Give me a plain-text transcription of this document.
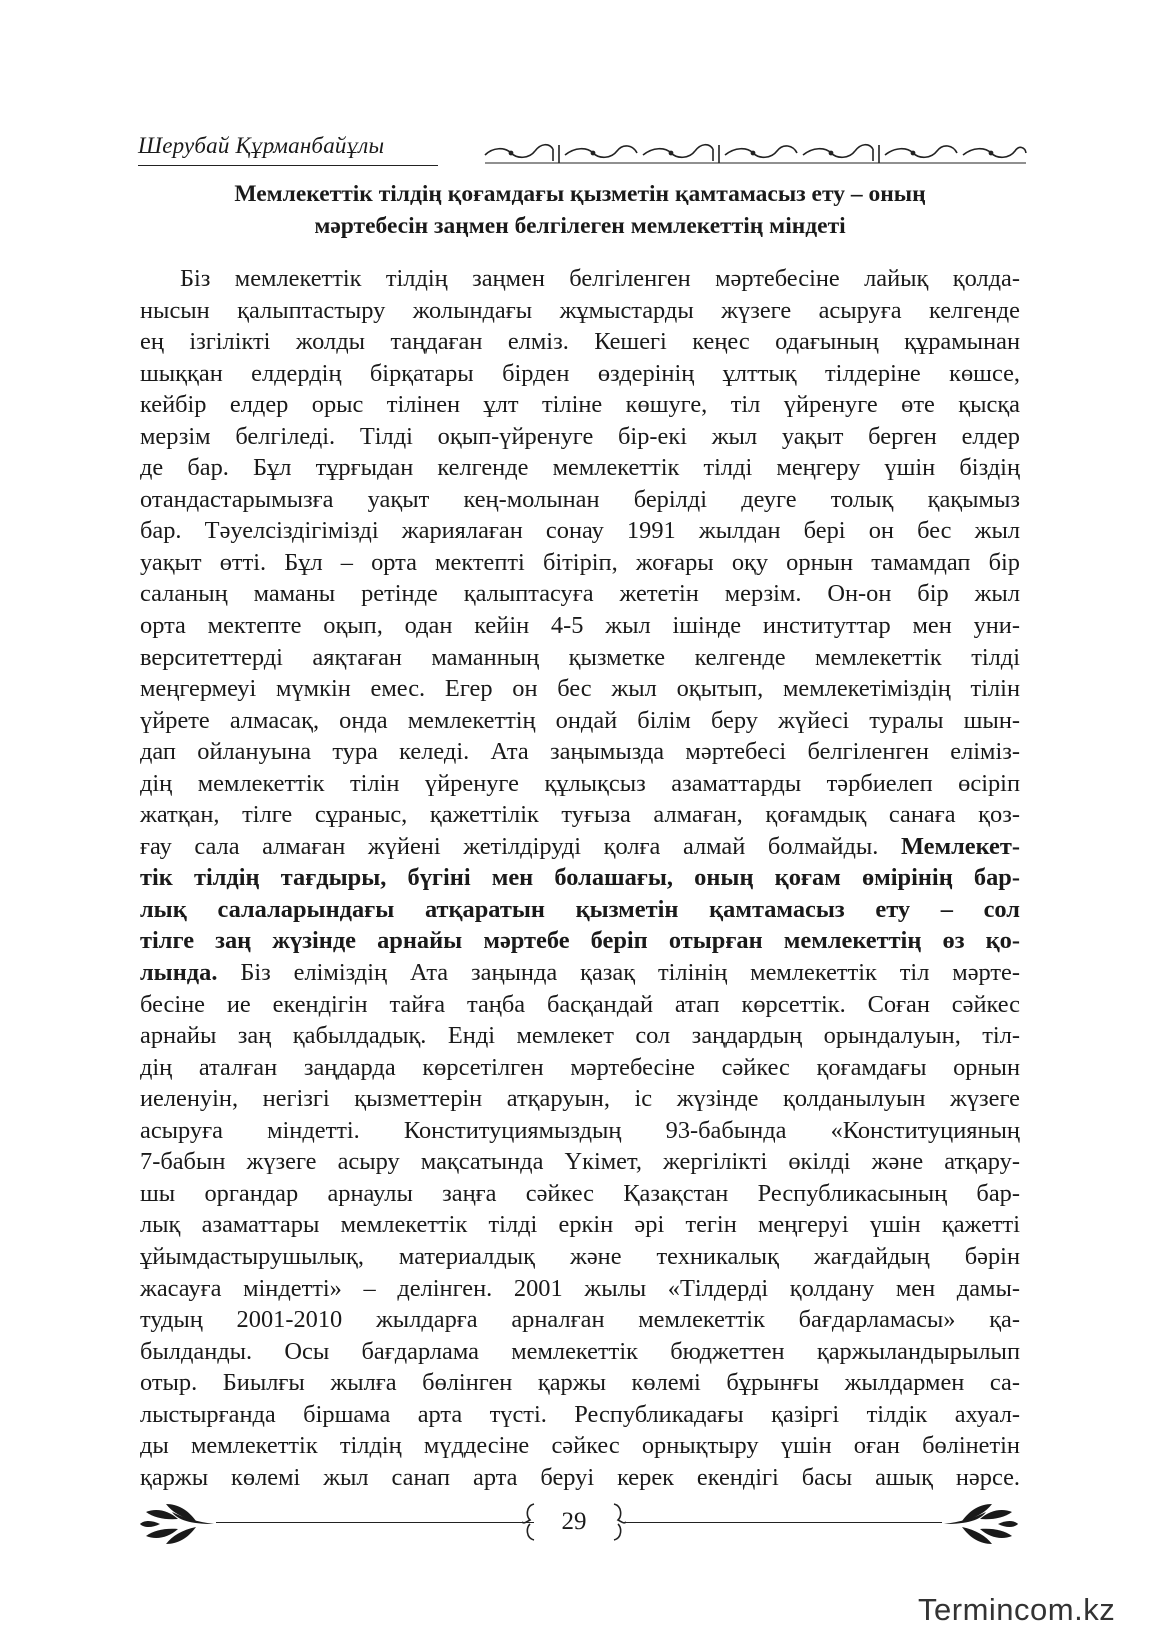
Шерубай Құрманбайұлы
Мемлекеттік тілдің қоғамдағы қызметін қамтамасыз ету – оның
мәртебесін заңмен белгілеген мемлекеттің міндеті
Біз мемлекеттік тілдің заңмен белгіленген мәртебесіне лайық қолда-
нысын қалыптастыру жолындағы жұмыстарды жүзеге асыруға келгенде
ең ізгілікті жолды таңдаған елміз. Кешегі кеңес одағының құрамынан
шыққан елдердің бірқатары бірден өздерінің ұлттық тілдеріне көшсе,
кейбір елдер орыс тілінен ұлт тіліне көшуге, тіл үйренуге өте қысқа
мерзім белгіледі. Тілді оқып-үйренуге бір-екі жыл уақыт берген елдер
де бар. Бұл тұрғыдан келгенде мемлекеттік тілді меңгеру үшін біздің
отандастарымызға уақыт кең-молынан берілді деуге толық қақымыз
бар. Тәуелсіздігімізді жариялаған сонау 1991 жылдан бері он бес жыл
уақыт өтті. Бұл – орта мектепті бітіріп, жоғары оқу орнын тамамдап бір
саланың маманы ретінде қалыптасуға жететін мерзім. Он-он бір жыл
орта мектепте оқып, одан кейін 4-5 жыл ішінде институттар мен уни-
верситеттерді аяқтаған маманның қызметке келгенде мемлекеттік тілді
меңгермеуі мүмкін емес. Егер он бес жыл оқытып, мемлекетіміздің тілін
үйрете алмасақ, онда мемлекеттің ондай білім беру жүйесі туралы шын-
дап ойлануына тура келеді. Ата заңымызда мәртебесі белгіленген еліміз-
дің мемлекеттік тілін үйренуге құлықсыз азаматтарды тәрбиелеп өсіріп
жатқан, тілге сұраныс, қажеттілік туғыза алмаған, қоғамдық санаға қоз-
ғау сала алмаған жүйені жетілдіруді қолға алмай болмайды. Мемлекет-
тік тілдің тағдыры, бүгіні мен болашағы, оның қоғам өмірінің бар-
лық салаларындағы атқаратын қызметін қамтамасыз ету – сол
тілге заң жүзінде арнайы мәртебе беріп отырған мемлекеттің өз қо-
лында. Біз еліміздің Ата заңында қазақ тілінің мемлекеттік тіл мәрте-
бесіне ие екендігін тайға таңба басқандай атап көрсеттік. Соған сәйкес
арнайы заң қабылдадық. Енді мемлекет сол заңдардың орындалуын, тіл-
дің аталған заңдарда көрсетілген мәртебесіне сәйкес қоғамдағы орнын
иеленуін, негізгі қызметтерін атқаруын, іс жүзінде қолданылуын жүзеге
асыруға міндетті. Конституциямыздың 93-бабында «Конституцияның
7-бабын жүзеге асыру мақсатында Үкімет, жергілікті өкілді және атқару-
шы органдар арнаулы заңға сәйкес Қазақстан Республикасының бар-
лық азаматтары мемлекеттік тілді еркін әрі тегін меңгеруі үшін қажетті
ұйымдастырушылық, материалдық және техникалық жағдайдың бәрін
жасауға міндетті» – делінген. 2001 жылы «Тілдерді қолдану мен дамы-
тудың 2001-2010 жылдарға арналған мемлекеттік бағдарламасы» қа-
былданды. Осы бағдарлама мемлекеттік бюджеттен қаржыландырылып
отыр. Биылғы жылға бөлінген қаржы көлемі бұрынғы жылдармен са-
лыстырғанда біршама арта түсті. Республикадағы қазіргі тілдік ахуал-
ды мемлекеттік тілдің мүддесіне сәйкес орнықтыру үшін оған бөлінетін
қаржы көлемі жыл санап арта беруі керек екендігі басы ашық нәрсе.
29
Termincom.kz
